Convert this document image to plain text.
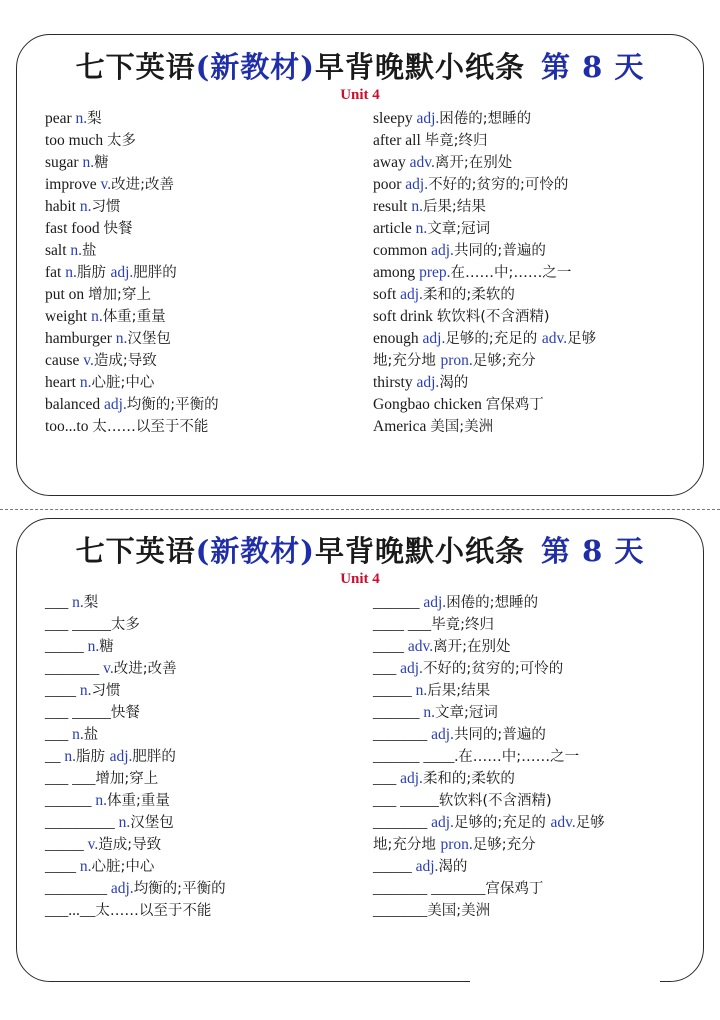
七下英语(新教材)早背晚默小纸条 第 8 天
Unit 4
pear n.梨
too much 太多
sugar n.糖
improve v.改进;改善
habit n.习惯
fast food 快餐
salt n.盐
fat n.脂肪 adj.肥胖的
put on 增加;穿上
weight n.体重;重量
hamburger n.汉堡包
cause v.造成;导致
heart n.心脏;中心
balanced adj.均衡的;平衡的
too...to 太……以至于不能
sleepy adj.困倦的;想睡的
after all 毕竟;终归
away adv.离开;在别处
poor adj.不好的;贫穷的;可怜的
result n.后果;结果
article n.文章;冠词
common adj.共同的;普遍的
among prep.在……中;……之一
soft adj.柔和的;柔软的
soft drink 软饮料(不含酒精)
enough adj.足够的;充足的 adv.足够
地;充分地 pron.足够;充分
thirsty adj.渴的
Gongbao chicken 宫保鸡丁
America 美国;美洲
七下英语(新教材)早背晚默小纸条 第 8 天
Unit 4
___ n.梨
___ _____太多
_____ n.糖
_______ v.改进;改善
____ n.习惯
___ _____快餐
___ n.盐
__ n.脂肪 adj.肥胖的
___ ___增加;穿上
______ n.体重;重量
_________ n.汉堡包
_____ v.造成;导致
____ n.心脏;中心
________ adj.均衡的;平衡的
___...__太……以至于不能
______ adj.困倦的;想睡的
____ ___毕竟;终归
____ adv.离开;在别处
___ adj.不好的;贫穷的;可怜的
_____ n.后果;结果
______ n.文章;冠词
_______ adj.共同的;普遍的
______ ____.在……中;……之一
___ adj.柔和的;柔软的
___ _____软饮料(不含酒精)
_______ adj.足够的;充足的 adv.足够
地;充分地 pron.足够;充分
_____ adj.渴的
_______ _______宫保鸡丁
_______美国;美洲
